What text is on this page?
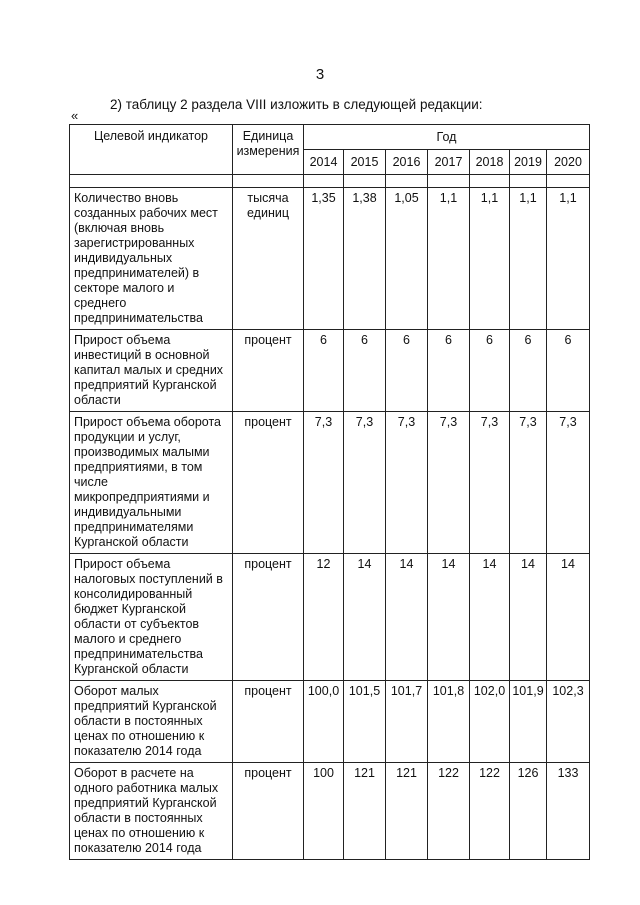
3
2) таблицу 2 раздела VIII изложить в следующей редакции:
«
Целевой индикатор	Единица измерения	Год						
		2014	2015	2016	2017	2018	2019	2020

Количество вновь созданных рабочих мест (включая вновь зарегистрированных индивидуальных предпринимателей) в секторе малого и среднего предпринимательства	тысяча единиц	1,35	1,38	1,05	1,1	1,1	1,1	1,1
Прирост объема инвестиций в основной капитал малых и средних предприятий Курганской области	процент	6	6	6	6	6	6	6
Прирост объема оборота продукции и услуг, производимых малыми предприятиями, в том числе микропредприятиями и индивидуальными предпринимателями Курганской области	процент	7,3	7,3	7,3	7,3	7,3	7,3	7,3
Прирост объема налоговых поступлений в консолидированный бюджет Курганской области от субъектов малого и среднего предпринимательства Курганской области	процент	12	14	14	14	14	14	14
Оборот малых предприятий Курганской области в постоянных ценах по отношению к показателю 2014 года	процент	100,0	101,5	101,7	101,8	102,0	101,9	102,3
Оборот в расчете на одного работника малых предприятий Курганской области в постоянных ценах по отношению к показателю 2014 года	процент	100	121	121	122	122	126	133
